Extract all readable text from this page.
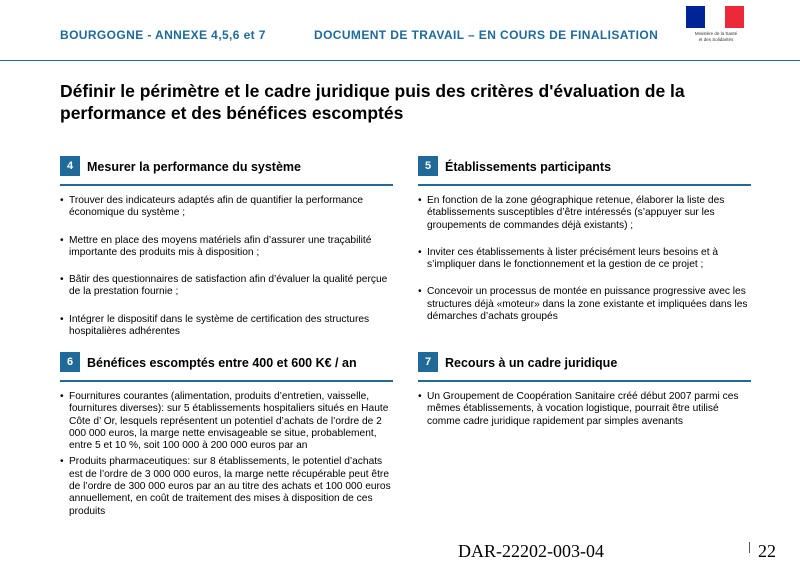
BOURGOGNE - ANNEXE 4,5,6 et 7	DOCUMENT DE TRAVAIL – EN COURS DE FINALISATION	Ministère de la Santé
et des Solidarités
Définir le périmètre et le cadre juridique puis des critères d'évaluation de la performance et des bénéfices escomptés
4	Mesurer la performance du système
• Trouver des indicateurs adaptés afin de quantifier la performance économique du système ;
• Mettre en place des moyens matériels afin d’assurer une traçabilité importante des produits mis à disposition ;
• Bâtir des questionnaires de satisfaction afin d’évaluer la qualité perçue de la prestation fournie ;
• Intégrer le dispositif dans le système de certification des structures hospitalières adhérentes
5	Établissements participants
• En fonction de la zone géographique retenue, élaborer la liste des établissements susceptibles d’être intéressés (s’appuyer sur les groupements de commandes déjà existants) ;
• Inviter ces établissements à lister précisément leurs besoins et à s’impliquer dans le fonctionnement et la gestion de ce projet ;
• Concevoir un processus de montée en puissance progressive avec les structures déjà «moteur» dans la zone existante et impliquées dans les démarches d’achats groupés
6	Bénéfices escomptés entre 400 et 600 K€ / an
• Fournitures courantes (alimentation, produits d’entretien, vaisselle, fournitures diverses): sur 5 établissements hospitaliers situés en Haute Côte d’ Or, lesquels représentent un potentiel d’achats de l’ordre de 2 000 000 euros, la marge nette envisageable se situe, probablement, entre 5 et 10 %, soit 100 000 à 200 000 euros par an
• Produits pharmaceutiques: sur 8 établissements, le potentiel d’achats est de l’ordre de 3 000 000 euros, la marge nette récupérable peut être de l’ordre de 300 000 euros par an au titre des achats et 100 000 euros annuellement, en coût de traitement des mises à disposition de ces produits
7	Recours à un cadre juridique
• Un Groupement de Coopération Sanitaire créé début 2007 parmi ces mêmes établissements, à vocation logistique, pourrait être utilisé comme cadre juridique rapidement par simples avenants
DAR-22202-003-04	22
